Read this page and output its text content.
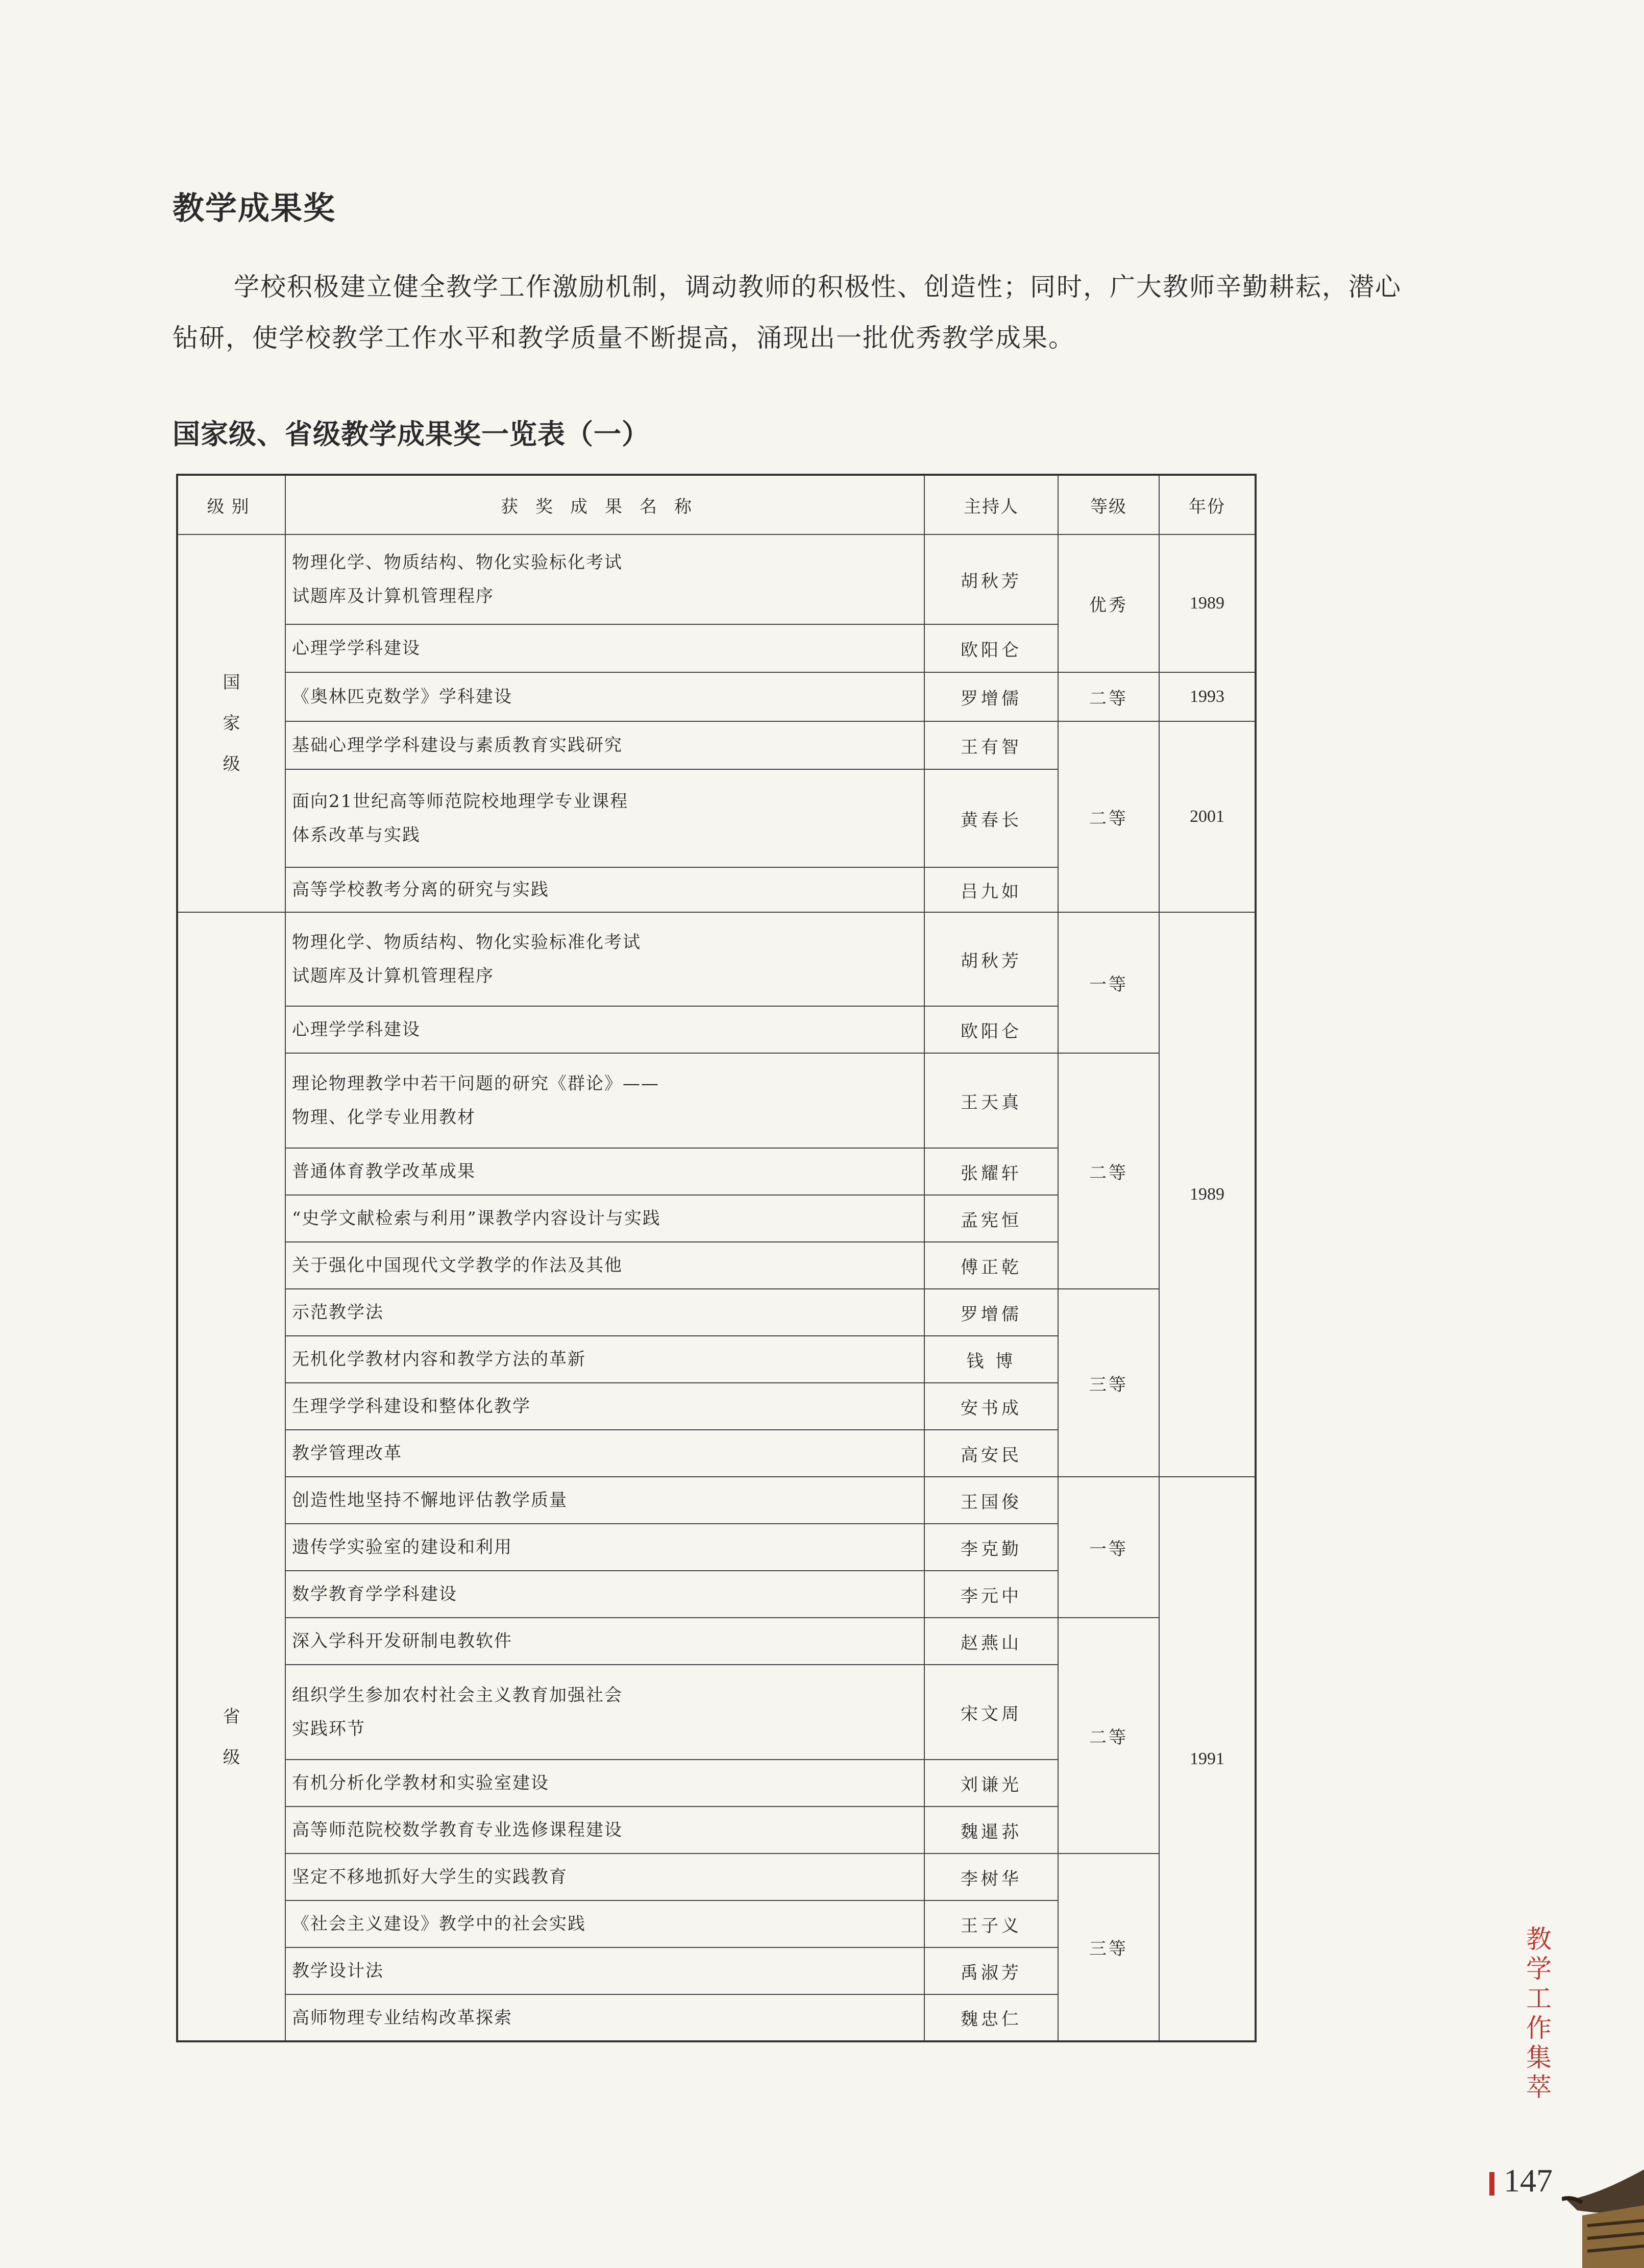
教学成果奖

学校积极建立健全教学工作激励机制，调动教师的积极性、创造性；同时，广大教师辛勤耕耘，潜心钻研，使学校教学工作水平和教学质量不断提高，涌现出一批优秀教学成果。

国家级、省级教学成果奖一览表（一）
级别	获奖成果名称	主持人	等级	年份
国家级	物理化学、物质结构、物化实验标化考试
试题库及计算机管理程序	胡秋芳	优秀	1989
	心理学学科建设	欧阳仑		
	《奥林匹克数学》学科建设	罗增儒	二等	1993
	基础心理学学科建设与素质教育实践研究	王有智	二等	2001
	面向21世纪高等师范院校地理学专业课程
体系改革与实践	黄春长		
	高等学校教考分离的研究与实践	吕九如		
省级	物理化学、物质结构、物化实验标准化考试
试题库及计算机管理程序	胡秋芳	一等	1989
	心理学学科建设	欧阳仑		
	理论物理教学中若干问题的研究《群论》——
物理、化学专业用教材	王天真	二等	
	普通体育教学改革成果	张耀轩		
	“史学文献检索与利用”课教学内容设计与实践	孟宪恒		
	关于强化中国现代文学教学的作法及其他	傅正乾		
	示范教学法	罗增儒	三等	
	无机化学教材内容和教学方法的革新	钱 博		
	生理学学科建设和整体化教学	安书成		
	教学管理改革	高安民		
	创造性地坚持不懈地评估教学质量	王国俊	一等	1991
	遗传学实验室的建设和利用	李克勤		
	数学教育学学科建设	李元中		
	深入学科开发研制电教软件	赵燕山	二等	
	组织学生参加农村社会主义教育加强社会
实践环节	宋文周		
	有机分析化学教材和实验室建设	刘谦光		
	高等师范院校数学教育专业选修课程建设	魏暹荪		
	坚定不移地抓好大学生的实践教育	李树华	三等	
	《社会主义建设》教学中的社会实践	王子义		
	教学设计法	禹淑芳		
	高师物理专业结构改革探索	魏忠仁		
教学工作集萃
147
